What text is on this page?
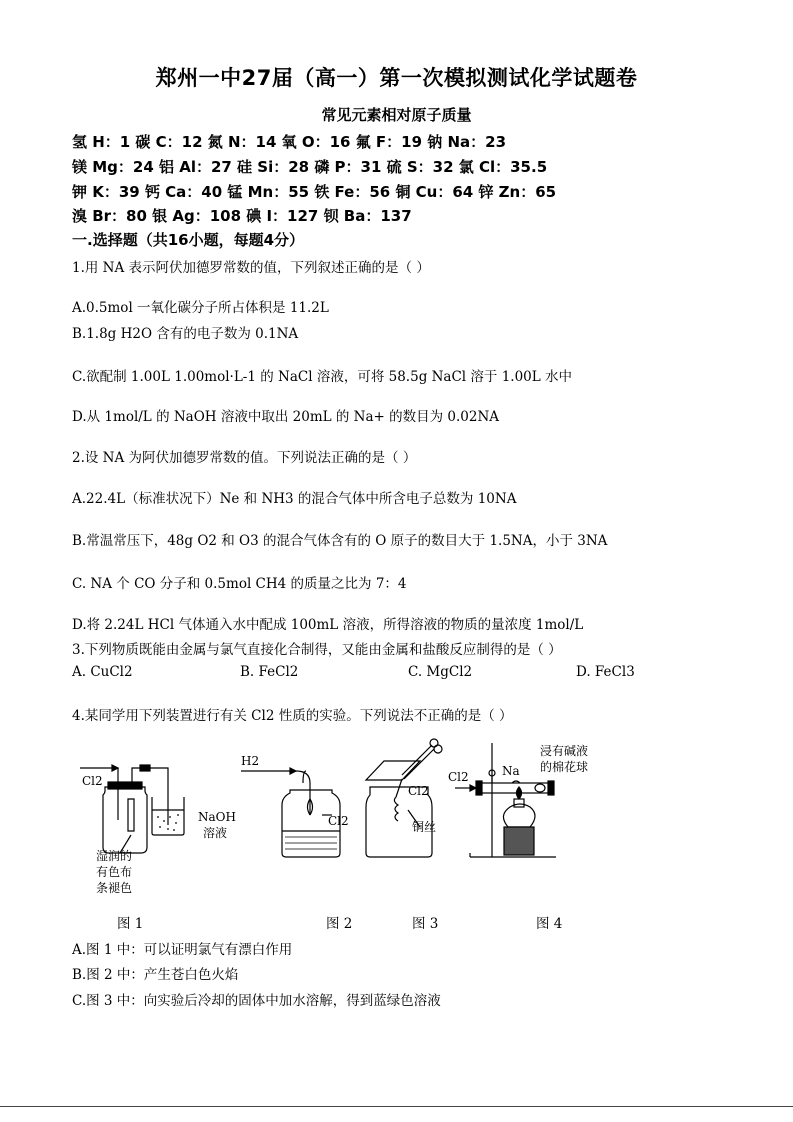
郑州一中27届（高一）第一次模拟测试化学试题卷
常见元素相对原子质量
氢 H：1 碳 C：12 氮 N：14 氧 O：16 氟 F：19 钠 Na：23
镁 Mg：24 铝 Al：27 硅 Si：28 磷 P：31 硫 S：32 氯 Cl：35.5
钾 K：39 钙 Ca：40 锰 Mn：55 铁 Fe：56 铜 Cu：64 锌 Zn：65
溴 Br：80 银 Ag：108 碘 I：127 钡 Ba：137
一.选择题（共16小题，每题4分）
1.用 NA 表示阿伏加德罗常数的值，下列叙述正确的是（ ）
A.0.5mol 一氧化碳分子所占体积是 11.2L
B.1.8g H2O 含有的电子数为 0.1NA
C.欲配制 1.00L 1.00mol·L-1 的 NaCl 溶液，可将 58.5g NaCl 溶于 1.00L 水中
D.从 1mol/L 的 NaOH 溶液中取出 20mL 的 Na+ 的数目为 0.02NA
2.设 NA 为阿伏加德罗常数的值。下列说法正确的是（ ）
A.22.4L（标准状况下）Ne 和 NH3 的混合气体中所含电子总数为 10NA
B.常温常压下，48g O2 和 O3 的混合气体含有的 O 原子的数目大于 1.5NA，小于 3NA
C. NA 个 CO 分子和 0.5mol CH4 的质量之比为 7：4
D.将 2.24L HCl 气体通入水中配成 100mL 溶液，所得溶液的物质的量浓度 1mol/L
3.下列物质既能由金属与氯气直接化合制得，又能由金属和盐酸反应制得的是（ ）
A. CuCl2	B. FeCl2	C. MgCl2	D. FeCl3
4.某同学用下列装置进行有关 Cl2 性质的实验。下列说法不正确的是（ ）
Cl2
NaOH
溶液
湿润的
有色布
条褪色
H2
Cl2
Cl2
铜丝
Cl2	Na
浸有碱液
的棉花球
图 1	图 2	图 3	图 4
A.图 1 中：可以证明氯气有漂白作用
B.图 2 中：产生苍白色火焰
C.图 3 中：向实验后冷却的固体中加水溶解，得到蓝绿色溶液
